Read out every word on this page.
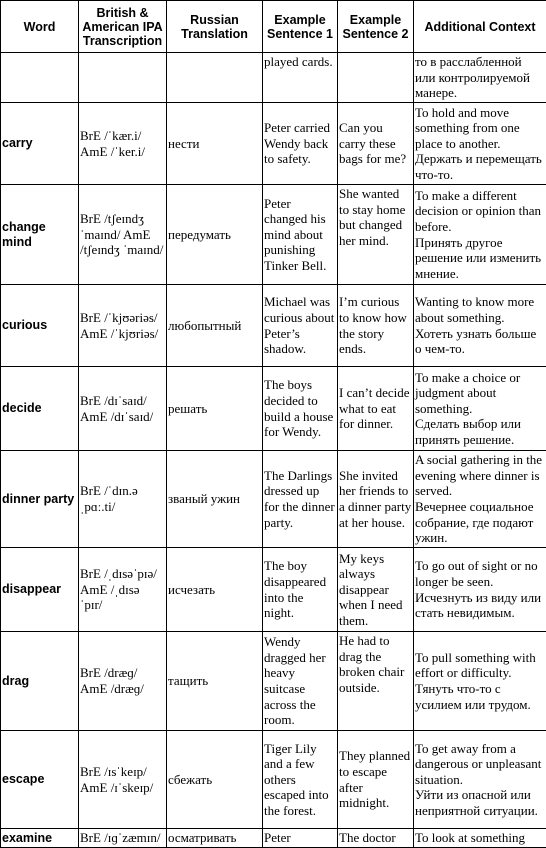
Word	British & American IPA Transcription	Russian Translation	Example Sentence 1	Example Sentence 2	Additional Context
			played cards.		то в расслабленной или контролируемой манере.

carry	BrE /ˈkær.i/ AmE /ˈker.i/	нести	Peter carried Wendy back to safety.	Can you carry these bags for me?	To hold and move something from one place to another.
Держать и перемещать что-то.

change mind	BrE /tʃeɪndʒ ˈmaɪnd/ AmE /tʃeɪndʒ ˈmaɪnd/	передумать	Peter changed his mind about punishing Tinker Bell.	She wanted to stay home but changed her mind.	To make a different decision or opinion than before.
Принять другое решение или изменить мнение.

curious	BrE /ˈkjʊəriəs/ AmE /ˈkjʊriəs/	любопытный	Michael was curious about Peter’s shadow.	I’m curious to know how the story ends.	Wanting to know more about something.
Хотеть узнать больше о чем-то.

decide	BrE /dɪˈsaɪd/ AmE /dɪˈsaɪd/	решать	The boys decided to build a house for Wendy.	I can’t decide what to eat for dinner.	To make a choice or judgment about something.
Сделать выбор или принять решение.

dinner party	BrE /ˈdɪn.ə ˌpɑː.ti/	званый ужин	The Darlings dressed up for the dinner party.	She invited her friends to a dinner party at her house.	A social gathering in the evening where dinner is served.
Вечернее социальное собрание, где подают ужин.

disappear	BrE /ˌdɪsəˈpɪə/ AmE /ˌdɪsə ˈpɪr/	исчезать	The boy disappeared into the night.	My keys always disappear when I need them.	To go out of sight or no longer be seen.
Исчезнуть из виду или стать невидимым.

drag	BrE /dræɡ/ AmE /dræɡ/	тащить	Wendy dragged her heavy suitcase across the room.	He had to drag the broken chair outside.	To pull something with effort or difficulty. Тянуть что-то с усилием или трудом.

escape	BrE /ɪsˈkeɪp/ AmE /ɪˈskeɪp/	сбежать	Tiger Lily and a few others escaped into the forest.	They planned to escape after midnight.	To get away from a dangerous or unpleasant situation.
Уйти из опасной или неприятной ситуации.

examine	BrE /ɪɡˈzæmɪn/	осматривать	Peter	The doctor	To look at something
